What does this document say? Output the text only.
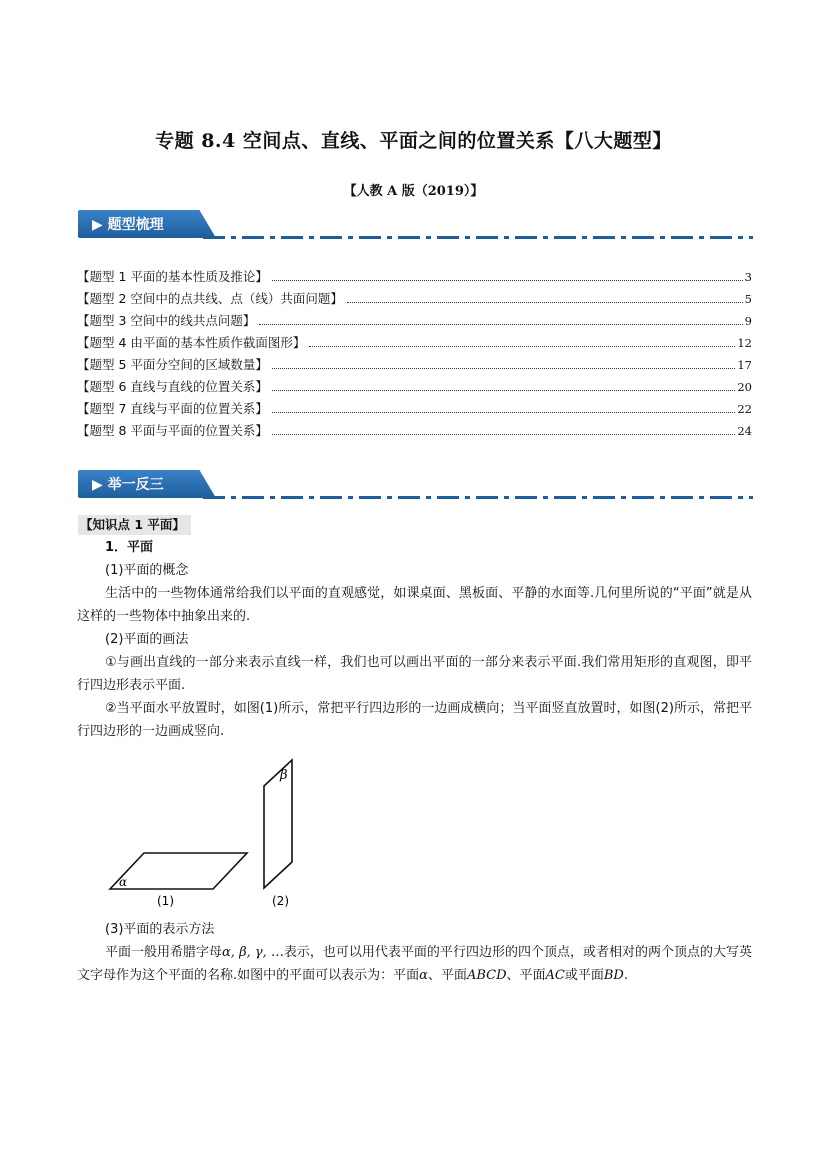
专题 8.4 空间点、直线、平面之间的位置关系【八大题型】
【人教 A 版（2019）】
▶ 题型梳理
【题型 1 平面的基本性质及推论】	3
【题型 2 空间中的点共线、点（线）共面问题】	5
【题型 3 空间中的线共点问题】	9
【题型 4 由平面的基本性质作截面图形】	12
【题型 5 平面分空间的区域数量】	17
【题型 6 直线与直线的位置关系】	20
【题型 7 直线与平面的位置关系】	22
【题型 8 平面与平面的位置关系】	24
▶ 举一反三
【知识点 1 平面】
1．平面
(1)平面的概念
生活中的一些物体通常给我们以平面的直观感觉，如课桌面、黑板面、平静的水面等.几何里所说的“平面”就是从这样的一些物体中抽象出来的.
(2)平面的画法
①与画出直线的一部分来表示直线一样，我们也可以画出平面的一部分来表示平面.我们常用矩形的直观图，即平行四边形表示平面.
②当平面水平放置时，如图(1)所示，常把平行四边形的一边画成横向；当平面竖直放置时，如图(2)所示，常把平行四边形的一边画成竖向.
α
β
(1)	(2)
(3)平面的表示方法
平面一般用希腊字母α, β, γ, …表示，也可以用代表平面的平行四边形的四个顶点，或者相对的两个顶点的大写英文字母作为这个平面的名称.如图中的平面可以表示为：平面α、平面ABCD、平面AC或平面BD.
